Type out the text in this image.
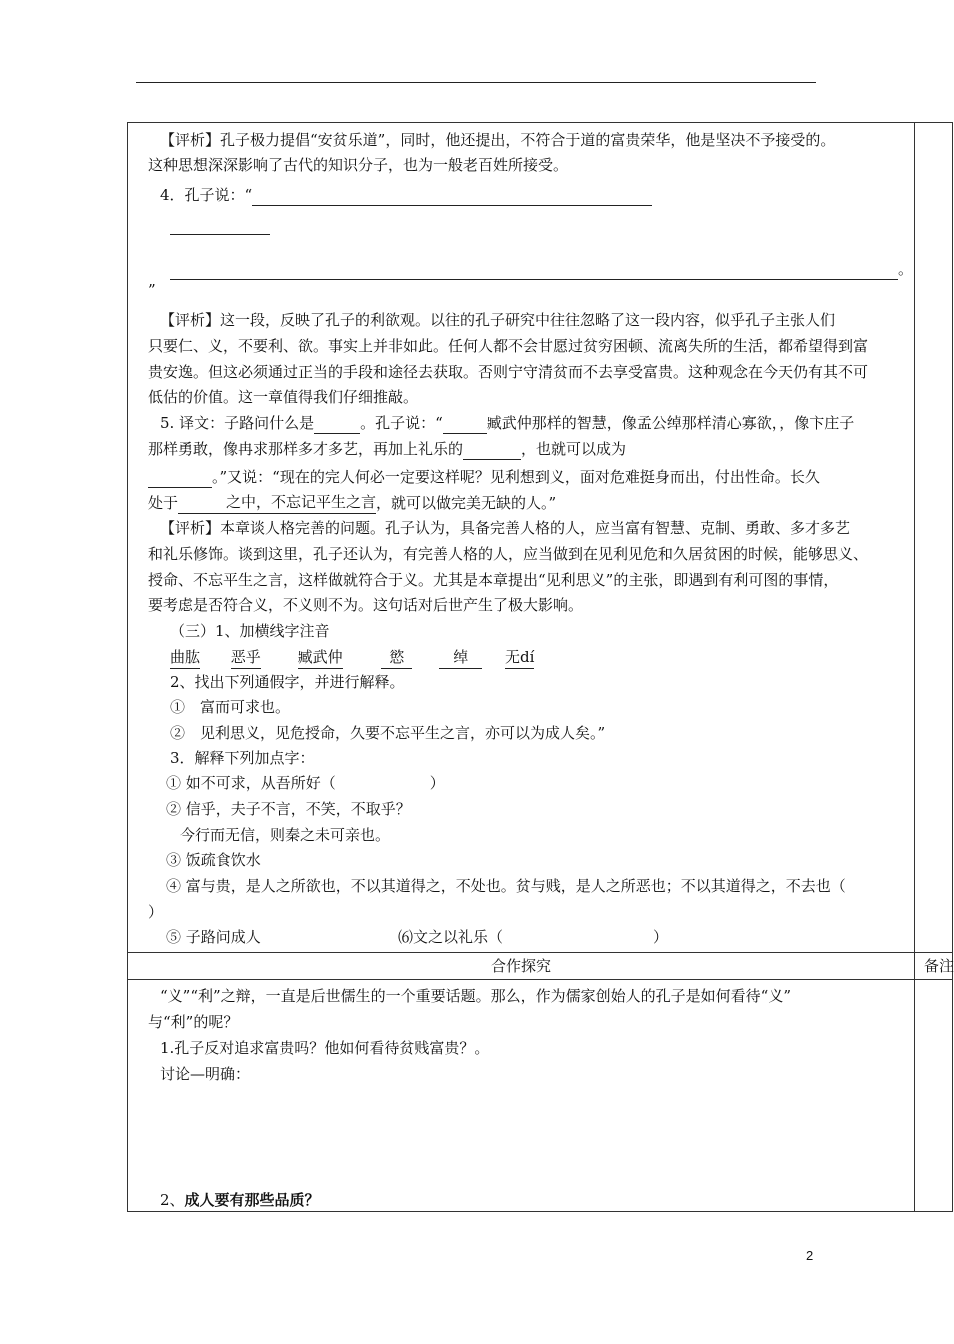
【评析】孔子极力提倡“安贫乐道”，同时，他还提出，不符合于道的富贵荣华，他是坚决不予接受的。
这种思想深深影响了古代的知识分子，也为一般老百姓所接受。
4．孔子说：“
。
”
【评析】这一段，反映了孔子的利欲观。以往的孔子研究中往往忽略了这一段内容，似乎孔子主张人们
只要仁、义，不要利、欲。事实上并非如此。任何人都不会甘愿过贫穷困顿、流离失所的生活，都希望得到富
贵安逸。但这必须通过正当的手段和途径去获取。否则宁守清贫而不去享受富贵。这种观念在今天仍有其不可
低估的价值。这一章值得我们仔细推敲。
5. 译文：子路问什么是	。孔子说：“	臧武仲那样的智慧，像孟公绰那样清心寡欲，，像卞庄子
那样勇敢，像冉求那样多才多艺，再加上礼乐的	，也就可以成为
。”又说：“现在的完人何必一定要这样呢？见利想到义，面对危难挺身而出，付出性命。长久
处于	之中，不忘记平生之言，就可以做完美无缺的人。”
【评析】本章谈人格完善的问题。孔子认为，具备完善人格的人，应当富有智慧、克制、勇敢、多才多艺
和礼乐修饰。谈到这里，孔子还认为，有完善人格的人，应当做到在见利见危和久居贫困的时候，能够思义、
授命、不忘平生之言，这样做就符合于义。尤其是本章提出“见利思义”的主张，即遇到有利可图的事情，
要考虑是否符合义，不义则不为。这句话对后世产生了极大影响。
（三）1、加横线字注音
曲肱 恶乎 臧武仲	慾	绰 无dí
2、找出下列通假字，并进行解释。
①　富而可求也。
②　见利思义，见危授命，久要不忘平生之言，亦可以为成人矣。”
3．解释下列加点字：
① 如不可求，从吾所好（	）
② 信乎，夫子不言，不笑，不取乎？
今行而无信，则秦之未可亲也。
③ 饭疏食饮水
④ 富与贵，是人之所欲也，不以其道得之，不处也。贫与贱，是人之所恶也；不以其道得之，不去也（
）
⑤ 子路问成人	⑹文之以礼乐（	）
合作探究	备注
“义”“利”之辩，一直是后世儒生的一个重要话题。那么，作为儒家创始人的孔子是如何看待“义”
与“利”的呢？
1.孔子反对追求富贵吗？他如何看待贫贱富贵？。
讨论—明确：
2、成人要有那些品质？
2
